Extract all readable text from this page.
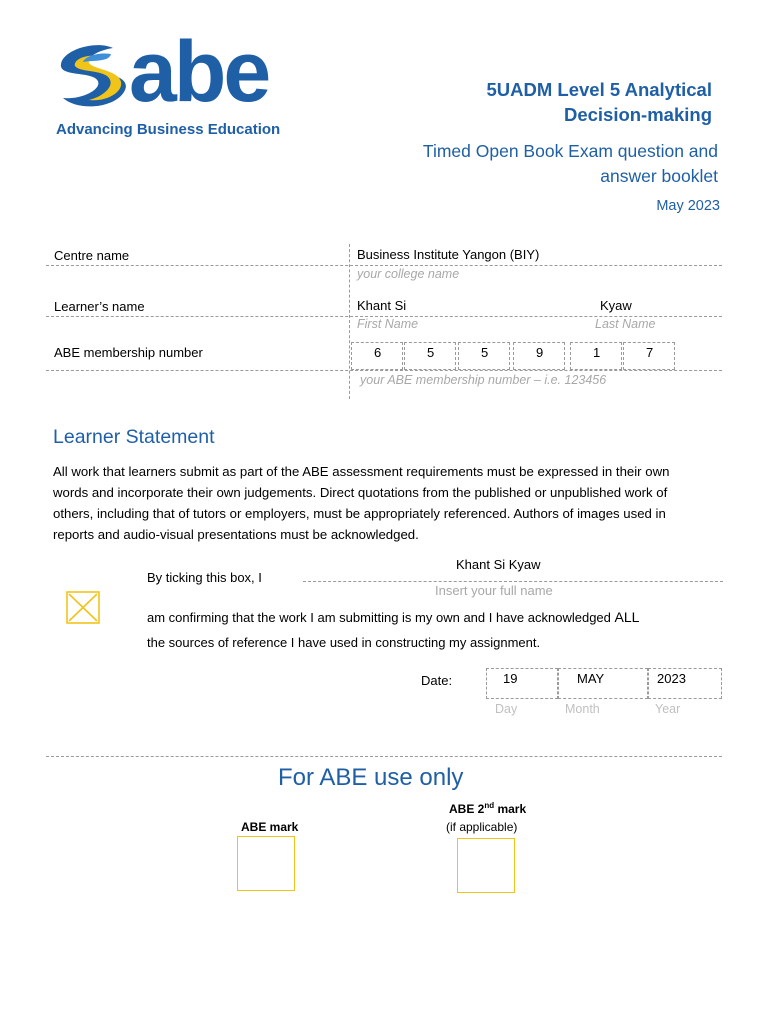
abe
Advancing Business Education
5UADM Level 5 Analytical
Decision-making
Timed Open Book Exam question and
answer booklet
May 2023
Centre name	Business Institute Yangon (BIY)
your college name
Learner’s name	Khant Si	Kyaw
First Name	Last Name
ABE membership number	6	5	5	9	1	7
your ABE membership number – i.e. 123456
Learner Statement
All work that learners submit as part of the ABE assessment requirements must be expressed in their own
words and incorporate their own judgements. Direct quotations from the published or unpublished work of
others, including that of tutors or employers, must be appropriately referenced. Authors of images used in
reports and audio-visual presentations must be acknowledged.
By ticking this box, I
Khant Si Kyaw
Insert your full name
am confirming that the work I am submitting is my own and I have acknowledged ALL
the sources of reference I have used in constructing my assignment.
Date:	19	MAY	2023
Day	Month	Year
For ABE use only
ABE mark
ABE 2nd mark
(if applicable)
